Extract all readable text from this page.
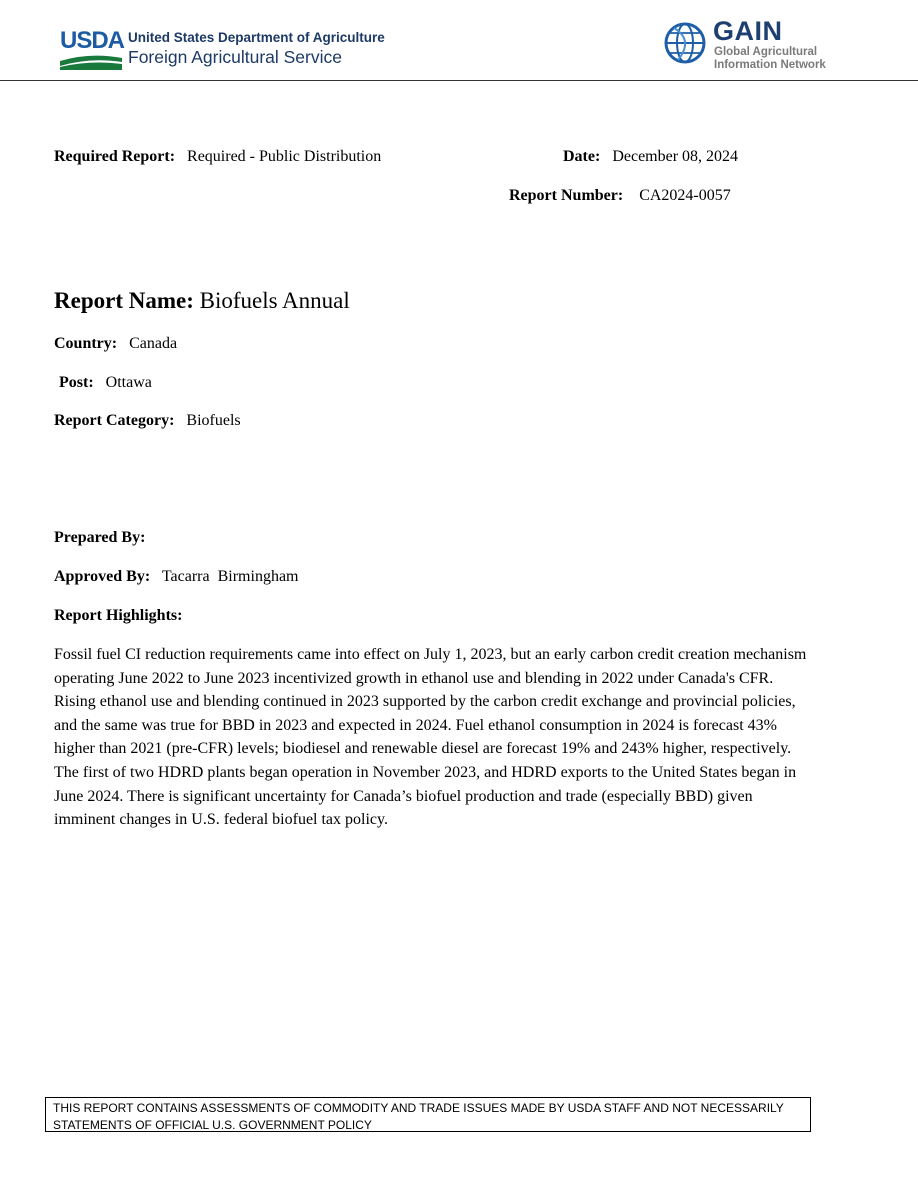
USDA United States Department of Agriculture
Foreign Agricultural Service
GAIN
Global Agricultural
Information Network
Required Report: Required - Public Distribution	Date: December 08, 2024
Report Number: CA2024-0057
Report Name: Biofuels Annual
Country: Canada
Post: Ottawa
Report Category: Biofuels
Prepared By:
Approved By: Tacarra  Birmingham
Report Highlights:

Fossil fuel CI reduction requirements came into effect on July 1, 2023, but an early carbon credit creation mechanism operating June 2022 to June 2023 incentivized growth in ethanol use and blending in 2022 under Canada's CFR. Rising ethanol use and blending continued in 2023 supported by the carbon credit exchange and provincial policies, and the same was true for BBD in 2023 and expected in 2024. Fuel ethanol consumption in 2024 is forecast 43% higher than 2021 (pre-CFR) levels; biodiesel and renewable diesel are forecast 19% and 243% higher, respectively. The first of two HDRD plants began operation in November 2023, and HDRD exports to the United States began in June 2024. There is significant uncertainty for Canada’s biofuel production and trade (especially BBD) given imminent changes in U.S. federal biofuel tax policy.

THIS REPORT CONTAINS ASSESSMENTS OF COMMODITY AND TRADE ISSUES MADE BY USDA STAFF AND NOT NECESSARILY STATEMENTS OF OFFICIAL U.S. GOVERNMENT POLICY
